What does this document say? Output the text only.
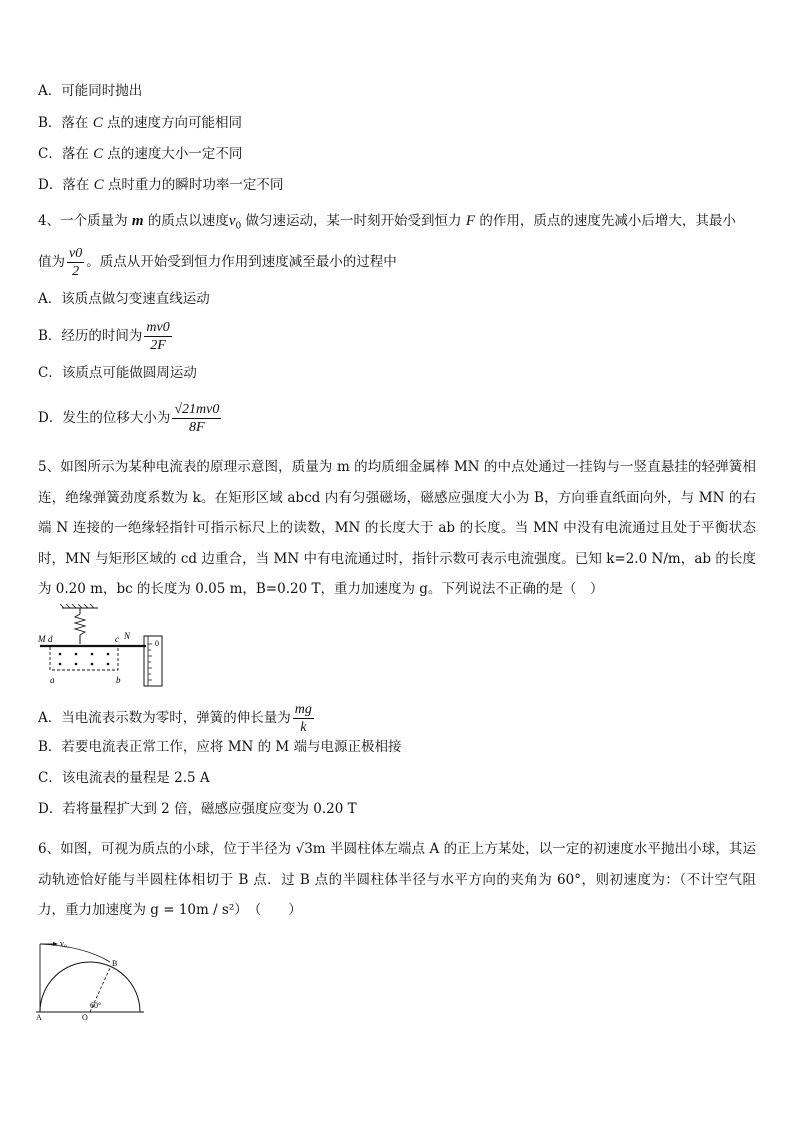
A．可能同时抛出
B．落在 C 点的速度方向可能相同
C．落在 C 点的速度大小一定不同
D．落在 C 点时重力的瞬时功率一定不同
4、一个质量为 m 的质点以速度$v_0$ 做匀速运动，某一时刻开始受到恒力 F 的作用，质点的速度先减小后增大，其最小
值为 $\frac{v0}{2}$ 。质点从开始受到恒力作用到速度减至最小的过程中
A．该质点做匀变速直线运动
B．经历的时间为 $\frac{mv0}{2F}$
C．该质点可能做圆周运动
D．发生的位移大小为 $\frac{√21mv0}{8F}$
5、如图所示为某种电流表的原理示意图，质量为 m 的均质细金属棒 MN 的中点处通过一挂钩与一竖直悬挂的轻弹簧相连，绝缘弹簧劲度系数为 k。在矩形区域 abcd 内有匀强磁场，磁感应强度大小为 B，方向垂直纸面向外，与 MN 的右端 N 连接的一绝缘轻指针可指示标尺上的读数，MN 的长度大于 ab 的长度。当 MN 中没有电流通过且处于平衡状态时，MN 与矩形区域的 cd 边重合，当 MN 中有电流通过时，指针示数可表示电流强度。已知 k=2.0 N/m，ab 的长度为 0.20 m，bc 的长度为 0.05 m，B=0.20 T，重力加速度为 g。下列说法不正确的是（　）
M d	c N
a	b
0
A．当电流表示数为零时，弹簧的伸长量为 $\frac{mg}{k}$
B．若要电流表正常工作，应将 MN 的 M 端与电源正极相接
C．该电流表的量程是 2.5 A
D．若将量程扩大到 2 倍，磁感应强度应变为 0.20 T
6、如图，可视为质点的小球，位于半径为 √3m 半圆柱体左端点 A 的正上方某处，以一定的初速度水平抛出小球，其运动轨迹恰好能与半圆柱体相切于 B 点．过 B 点的半圆柱体半径与水平方向的夹角为 60°，则初速度为：（不计空气阻力，重力加速度为 g = 10m / s²）　（　　）
v₀
B
A	O
60°
